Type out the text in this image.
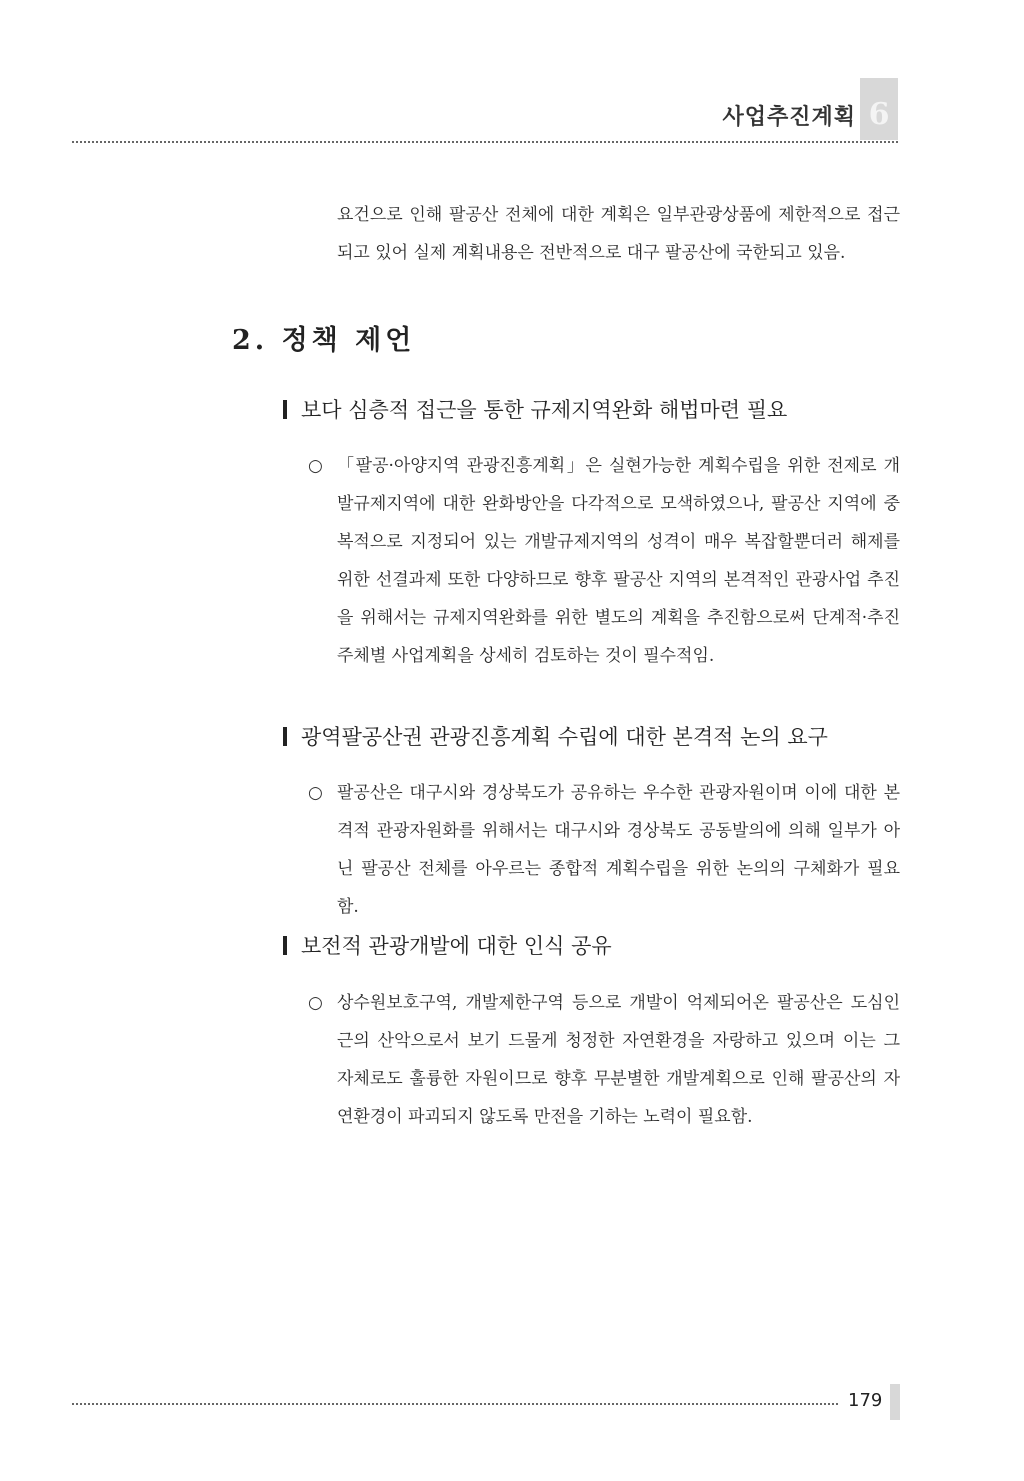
사업추진계획 6
요건으로 인해 팔공산 전체에 대한 계획은 일부관광상품에 제한적으로 접근되고 있어 실제 계획내용은 전반적으로 대구 팔공산에 국한되고 있음.
2. 정책 제언
보다 심층적 접근을 통한 규제지역완화 해법마련 필요
○ 「팔공·아양지역 관광진흥계획」은 실현가능한 계획수립을 위한 전제로 개발규제지역에 대한 완화방안을 다각적으로 모색하였으나, 팔공산 지역에 중복적으로 지정되어 있는 개발규제지역의 성격이 매우 복잡할뿐더러 해제를 위한 선결과제 또한 다양하므로 향후 팔공산 지역의 본격적인 관광사업 추진을 위해서는 규제지역완화를 위한 별도의 계획을 추진함으로써 단계적·추진주체별 사업계획을 상세히 검토하는 것이 필수적임.
광역팔공산권 관광진흥계획 수립에 대한 본격적 논의 요구
○ 팔공산은 대구시와 경상북도가 공유하는 우수한 관광자원이며 이에 대한 본격적 관광자원화를 위해서는 대구시와 경상북도 공동발의에 의해 일부가 아닌 팔공산 전체를 아우르는 종합적 계획수립을 위한 논의의 구체화가 필요함.
보전적 관광개발에 대한 인식 공유
○ 상수원보호구역, 개발제한구역 등으로 개발이 억제되어온 팔공산은 도심인근의 산악으로서 보기 드물게 청정한 자연환경을 자랑하고 있으며 이는 그 자체로도 훌륭한 자원이므로 향후 무분별한 개발계획으로 인해 팔공산의 자연환경이 파괴되지 않도록 만전을 기하는 노력이 필요함.
179
